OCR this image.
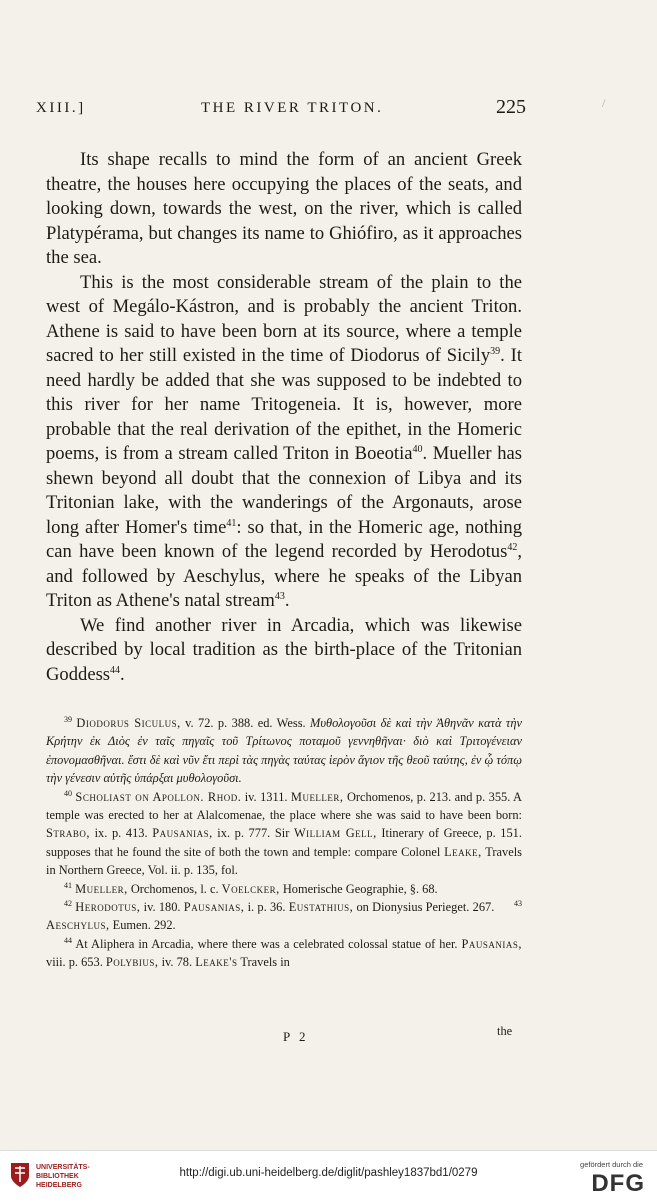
XIII.]	THE RIVER TRITON.	225	/

Its shape recalls to mind the form of an ancient Greek theatre, the houses here occupying the places of the seats, and looking down, towards the west, on the river, which is called Platypérama, but changes its name to Ghiófiro, as it approaches the sea.

This is the most considerable stream of the plain to the west of Megálo-Kástron, and is probably the ancient Triton. Athene is said to have been born at its source, where a temple sacred to her still existed in the time of Diodorus of Sicily$^{39}$. It need hardly be added that she was supposed to be indebted to this river for her name Tritogeneia. It is, however, more probable that the real derivation of the epithet, in the Homeric poems, is from a stream called Triton in Boeotia$^{40}$. Mueller has shewn beyond all doubt that the connexion of Libya and its Tritonian lake, with the wanderings of the Argonauts, arose long after Homer's time$^{41}$: so that, in the Homeric age, nothing can have been known of the legend recorded by Herodotus$^{42}$, and followed by Aeschylus, where he speaks of the Libyan Triton as Athene's natal stream$^{43}$.

We find another river in Arcadia, which was likewise described by local tradition as the birth-place of the Tritonian Goddess$^{44}$.

$^{39}$ Diodorus Siculus, v. 72. p. 388. ed. Wess. Μυθολογοῦσι δὲ καὶ τὴν Ἀθηνᾶν κατὰ τὴν Κρήτην ἐκ Διὸς ἐν ταῖς πηγαῖς τοῦ Τρίτωνος ποταμοῦ γεννηθῆναι· διὸ καὶ Τριτογένειαν ἐπονομασθῆναι. ἔστι δὲ καὶ νῦν ἔτι περὶ τὰς πηγὰς ταύτας ἱερὸν ἅγιον τῆς θεοῦ ταύτης, ἐν ᾧ τόπῳ τὴν γένεσιν αὐτῆς ὑπάρξαι μυθολογοῦσι.

$^{40}$ Scholiast on Apollon. Rhod. iv. 1311. Mueller, Orchomenos, p. 213. and p. 355. A temple was erected to her at Alalcomenae, the place where she was said to have been born: Strabo, ix. p. 413. Pausanias, ix. p. 777. Sir William Gell, Itinerary of Greece, p. 151. supposes that he found the site of both the town and temple: compare Colonel Leake, Travels in Northern Greece, Vol. ii. p. 135, fol.

$^{41}$ Mueller, Orchomenos, l. c. Voelcker, Homerische Geographie, §. 68.

$^{42}$ Herodotus, iv. 180. Pausanias, i. p. 36. Eustathius, on Dionysius Perieget. 267. $^{43}$ Aeschylus, Eumen. 292.

$^{44}$ At Aliphera in Arcadia, where there was a celebrated colossal statue of her. Pausanias, viii. p. 653. Polybius, iv. 78. Leake's Travels in

P 2	the
UNIVERSITÄTS-
BIBLIOTHEK
HEIDELBERG
http://digi.ub.uni-heidelberg.de/diglit/pashley1837bd1/0279
gefördert durch die
DFG
